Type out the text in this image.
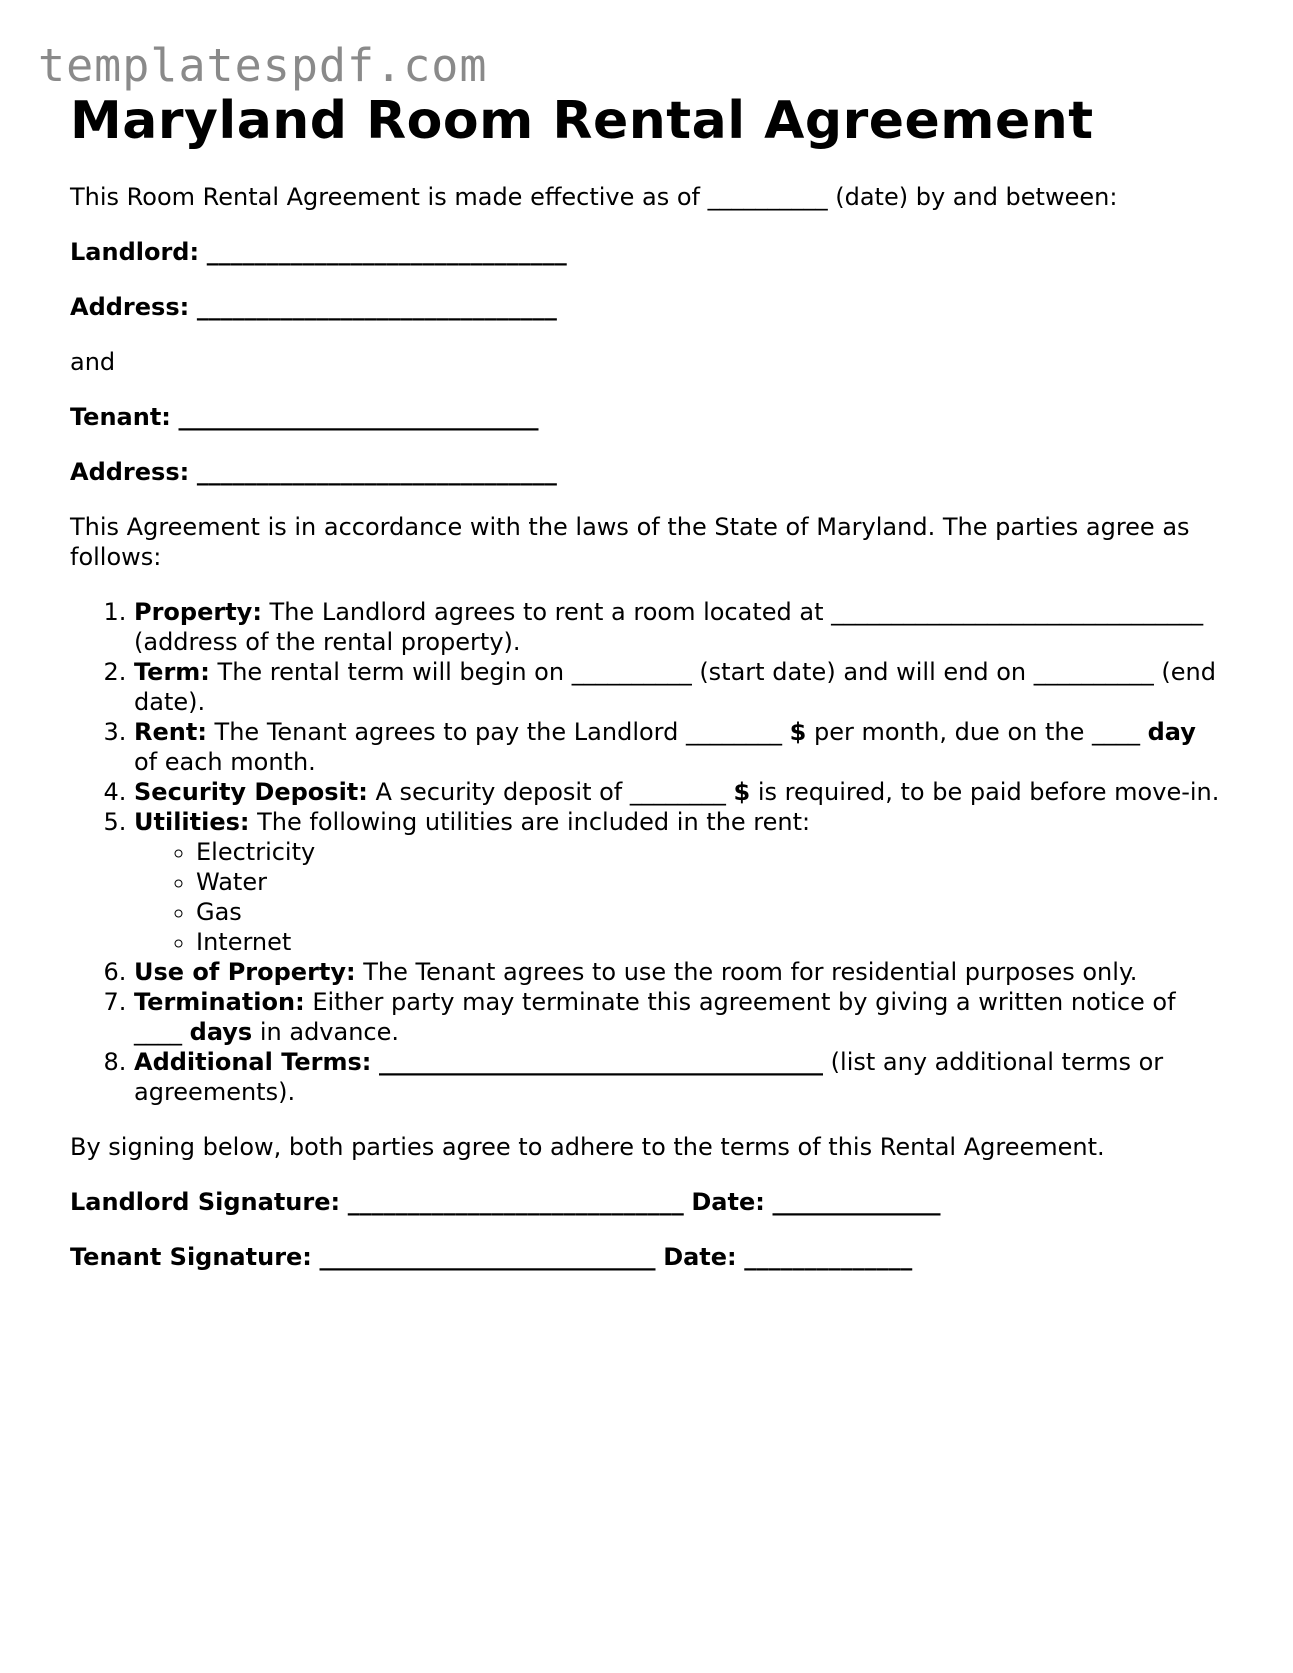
templatespdf.com
Maryland Room Rental Agreement

This Room Rental Agreement is made effective as of __________ (date) by and between:

Landlord: ______________________________

Address: ______________________________

and

Tenant: ______________________________

Address: ______________________________

This Agreement is in accordance with the laws of the State of Maryland. The parties agree as follows:

1. Property: The Landlord agrees to rent a room located at _______________________________ (address of the rental property).
2. Term: The rental term will begin on __________ (start date) and will end on __________ (end date).
3. Rent: The Tenant agrees to pay the Landlord ________ $ per month, due on the ____ day of each month.
4. Security Deposit: A security deposit of ________ $ is required, to be paid before move-in.
5. Utilities: The following utilities are included in the rent:
◦ Electricity
◦ Water
◦ Gas
◦ Internet
6. Use of Property: The Tenant agrees to use the room for residential purposes only.
7. Termination: Either party may terminate this agreement by giving a written notice of ____ days in advance.
8. Additional Terms: _____________________________________ (list any additional terms or agreements).

By signing below, both parties agree to adhere to the terms of this Rental Agreement.

Landlord Signature: ____________________________ Date: ______________

Tenant Signature: ____________________________ Date: ______________
